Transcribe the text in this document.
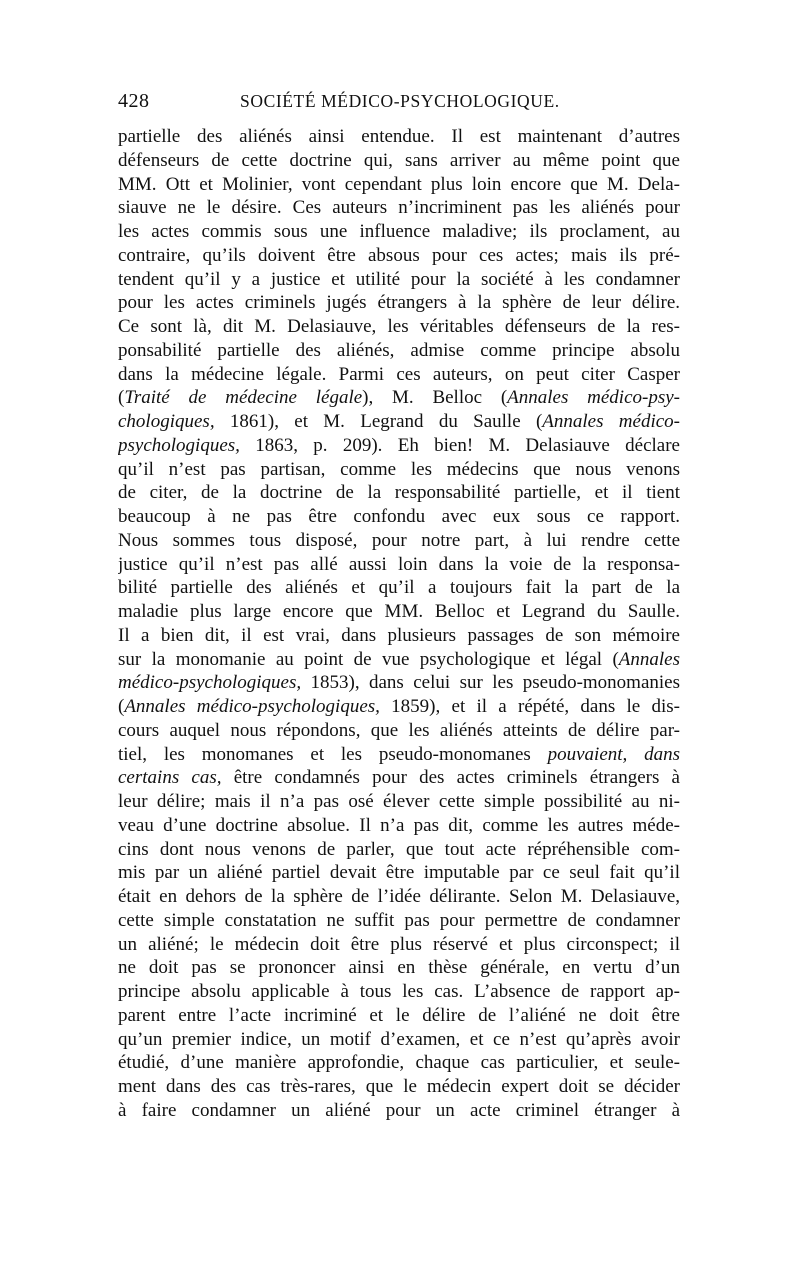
428	SOCIÉTÉ MÉDICO-PSYCHOLOGIQUE.
partielle des aliénés ainsi entendue. Il est maintenant d’autres
défenseurs de cette doctrine qui, sans arriver au même point que
MM. Ott et Molinier, vont cependant plus loin encore que M. Dela-
siauve ne le désire. Ces auteurs n’incriminent pas les aliénés pour
les actes commis sous une influence maladive; ils proclament, au
contraire, qu’ils doivent être absous pour ces actes; mais ils pré-
tendent qu’il y a justice et utilité pour la société à les condamner
pour les actes criminels jugés étrangers à la sphère de leur délire.
Ce sont là, dit M. Delasiauve, les véritables défenseurs de la res-
ponsabilité partielle des aliénés, admise comme principe absolu
dans la médecine légale. Parmi ces auteurs, on peut citer Casper
(Traité de médecine légale), M. Belloc (Annales médico-psy-
chologiques, 1861), et M. Legrand du Saulle (Annales médico-
psychologiques, 1863, p. 209). Eh bien! M. Delasiauve déclare
qu’il n’est pas partisan, comme les médecins que nous venons
de citer, de la doctrine de la responsabilité partielle, et il tient
beaucoup à ne pas être confondu avec eux sous ce rapport.
Nous sommes tous disposé, pour notre part, à lui rendre cette
justice qu’il n’est pas allé aussi loin dans la voie de la responsa-
bilité partielle des aliénés et qu’il a toujours fait la part de la
maladie plus large encore que MM. Belloc et Legrand du Saulle.
Il a bien dit, il est vrai, dans plusieurs passages de son mémoire
sur la monomanie au point de vue psychologique et légal (Annales
médico-psychologiques, 1853), dans celui sur les pseudo-monomanies
(Annales médico-psychologiques, 1859), et il a répété, dans le dis-
cours auquel nous répondons, que les aliénés atteints de délire par-
tiel, les monomanes et les pseudo-monomanes pouvaient, dans
certains cas, être condamnés pour des actes criminels étrangers à
leur délire; mais il n’a pas osé élever cette simple possibilité au ni-
veau d’une doctrine absolue. Il n’a pas dit, comme les autres méde-
cins dont nous venons de parler, que tout acte répréhensible com-
mis par un aliéné partiel devait être imputable par ce seul fait qu’il
était en dehors de la sphère de l’idée délirante. Selon M. Delasiauve,
cette simple constatation ne suffit pas pour permettre de condamner
un aliéné; le médecin doit être plus réservé et plus circonspect; il
ne doit pas se prononcer ainsi en thèse générale, en vertu d’un
principe absolu applicable à tous les cas. L’absence de rapport ap-
parent entre l’acte incriminé et le délire de l’aliéné ne doit être
qu’un premier indice, un motif d’examen, et ce n’est qu’après avoir
étudié, d’une manière approfondie, chaque cas particulier, et seule-
ment dans des cas très-rares, que le médecin expert doit se décider
à faire condamner un aliéné pour un acte criminel étranger à
